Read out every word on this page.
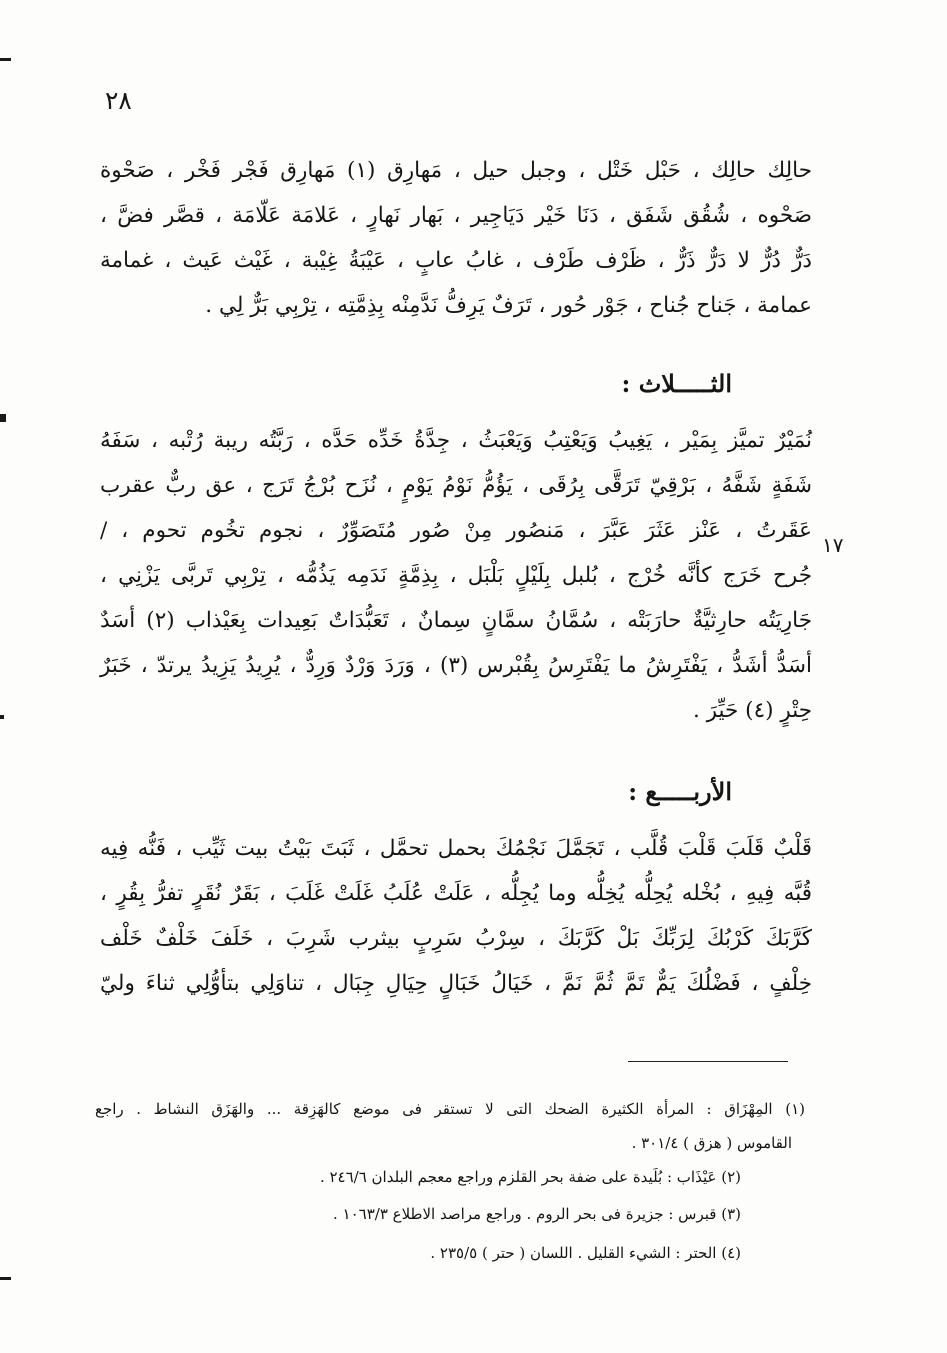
٢٨
حالِك حالِك ، حَبْل خَتْل ، وجبل حيل ، مَهارِق (١) مَهارِق فَجْر فَخْر ، صَحْوة
صَحْوه ، شُقُق شَفَق ، دَنَا خَيْر دَيَاجِير ، بَهار نَهارٍ ، عَلامَة عَلّامَة ، قصَّر فضَّ ،
دَرٌّ دُرٌّ لا دَرٌّ ذَرٌّ ، ظَرْف طَرْف ، غابُ عابٍ ، عَيْبَةُ غِيْبة ، غَيْث عَيث ، غمامة
عمامة ، جَناح جُناح ، جَوْر حُور ، تَرَفٌ يَرِفُّ نَدَّمِنْه بِذِمَّتِه ، تِرْبِي بَرٌّ لِي .
الثـــــلاث :
نُمَيْرٌ تميَّز بِمَيْر ، يَغِيبُ وَيَعْتِبُ وَيَعْبَثُ ، جِدَّةُ خَدِّه حَدَّه ، رَبَّتُه ريبة رُتْبه ، سَفَهُ
شَفَةٍ شَفَّهُ ، بَرْقِيّ تَرَقَّى بِرُقَى ، يَؤُمُّ نَوْمُ يَوْمٍ ، نُزَح بُرْجُ تَرَج ، عق ربٌّ عقرب
عَقَرتُ ، عَنْز عَثَرَ عَبَّرَ ، مَنصُور مِنْ صُور مُتَصَوِّرٌ ، نجوم تخُوم تحوم ، /
جُرح خَرَج كأنَّه خُرْج ، بُلبل بِلَيْلٍ بَلْبَل ، بِذِمَّةٍ نَدَمِه يَذُمُّه ، تِرْبِي تَربَّى يَزْنِي ،
جَارِيَتُه حارِثيَّةٌ حارَبَتْه ، سُمَّانُ سمَّانٍ سِمانٌ ، تَعَبُّدَاتٌ بَعِيدات بِعَيْذاب (٢) أسَدٌ
أسَدُّ أشَدُّ ، يَفْتَرِشُ ما يَفْتَرِسُ بِقُبْرس (٣) ، وَرَدَ وَرْدٌ وَرِدٌّ ، يُرِيدُ يَزِيدُ يرتدّ ، خَبَرٌ
حِتْرٍ (٤) حَيِّرَ .
١٧
الأربـــــع :
قَلْبٌ قَلَبَ قَلْبَ قُلَّب ، تَجَمَّلَ نَجْمُكَ بحمل تحمَّل ، ثَبَتَ بَيْتُ بيت ثَيِّب ، فَنُّه فِيه
قُبَّه فِيهِ ، بُخْله يُحِلُّه يُخِلُّه وما يُجِلُّه ، عَلَتْ عُلَبُ غَلَتْ غَلَبَ ، بَقَرٌ نُقَرٍ تفرُّ بِقُرٍ ،
كَرَّبَكَ كَرْبُكَ لِرَبِّكَ بَلْ كَرَّبَكَ ، سِرْبُ سَرِبٍ بيثرب شَرِبَ ، خَلَفَ خَلْفٌ خَلْف
خِلْفٍ ، فَضْلُكَ يَمٌّ تَمَّ ثُمَّ نَمَّ ، خَيَالُ خَبَالٍ حِيَالِ جِبَال ، تناوَلِي بتأوُّلِي ثناءَ وليّ
(١) المِهْزَاق : المرأة الكثيرة الضحك التى لا تستقر فى موضع كالهَزِقة ... والهَزَق النشاط . راجع
القاموس ( هزق ) ٣٠١/٤ .
(٢) عَيْذَاب : بُلَيدة على ضفة بحر القلزم وراجع معجم البلدان ٢٤٦/٦ .
(٣) قبرس : جزيرة فى بحر الروم . وراجع مراصد الاطلاع ١٠٦٣/٣ .
(٤) الحتر : الشيء القليل . اللسان ( حتر ) ٢٣٥/٥ .
